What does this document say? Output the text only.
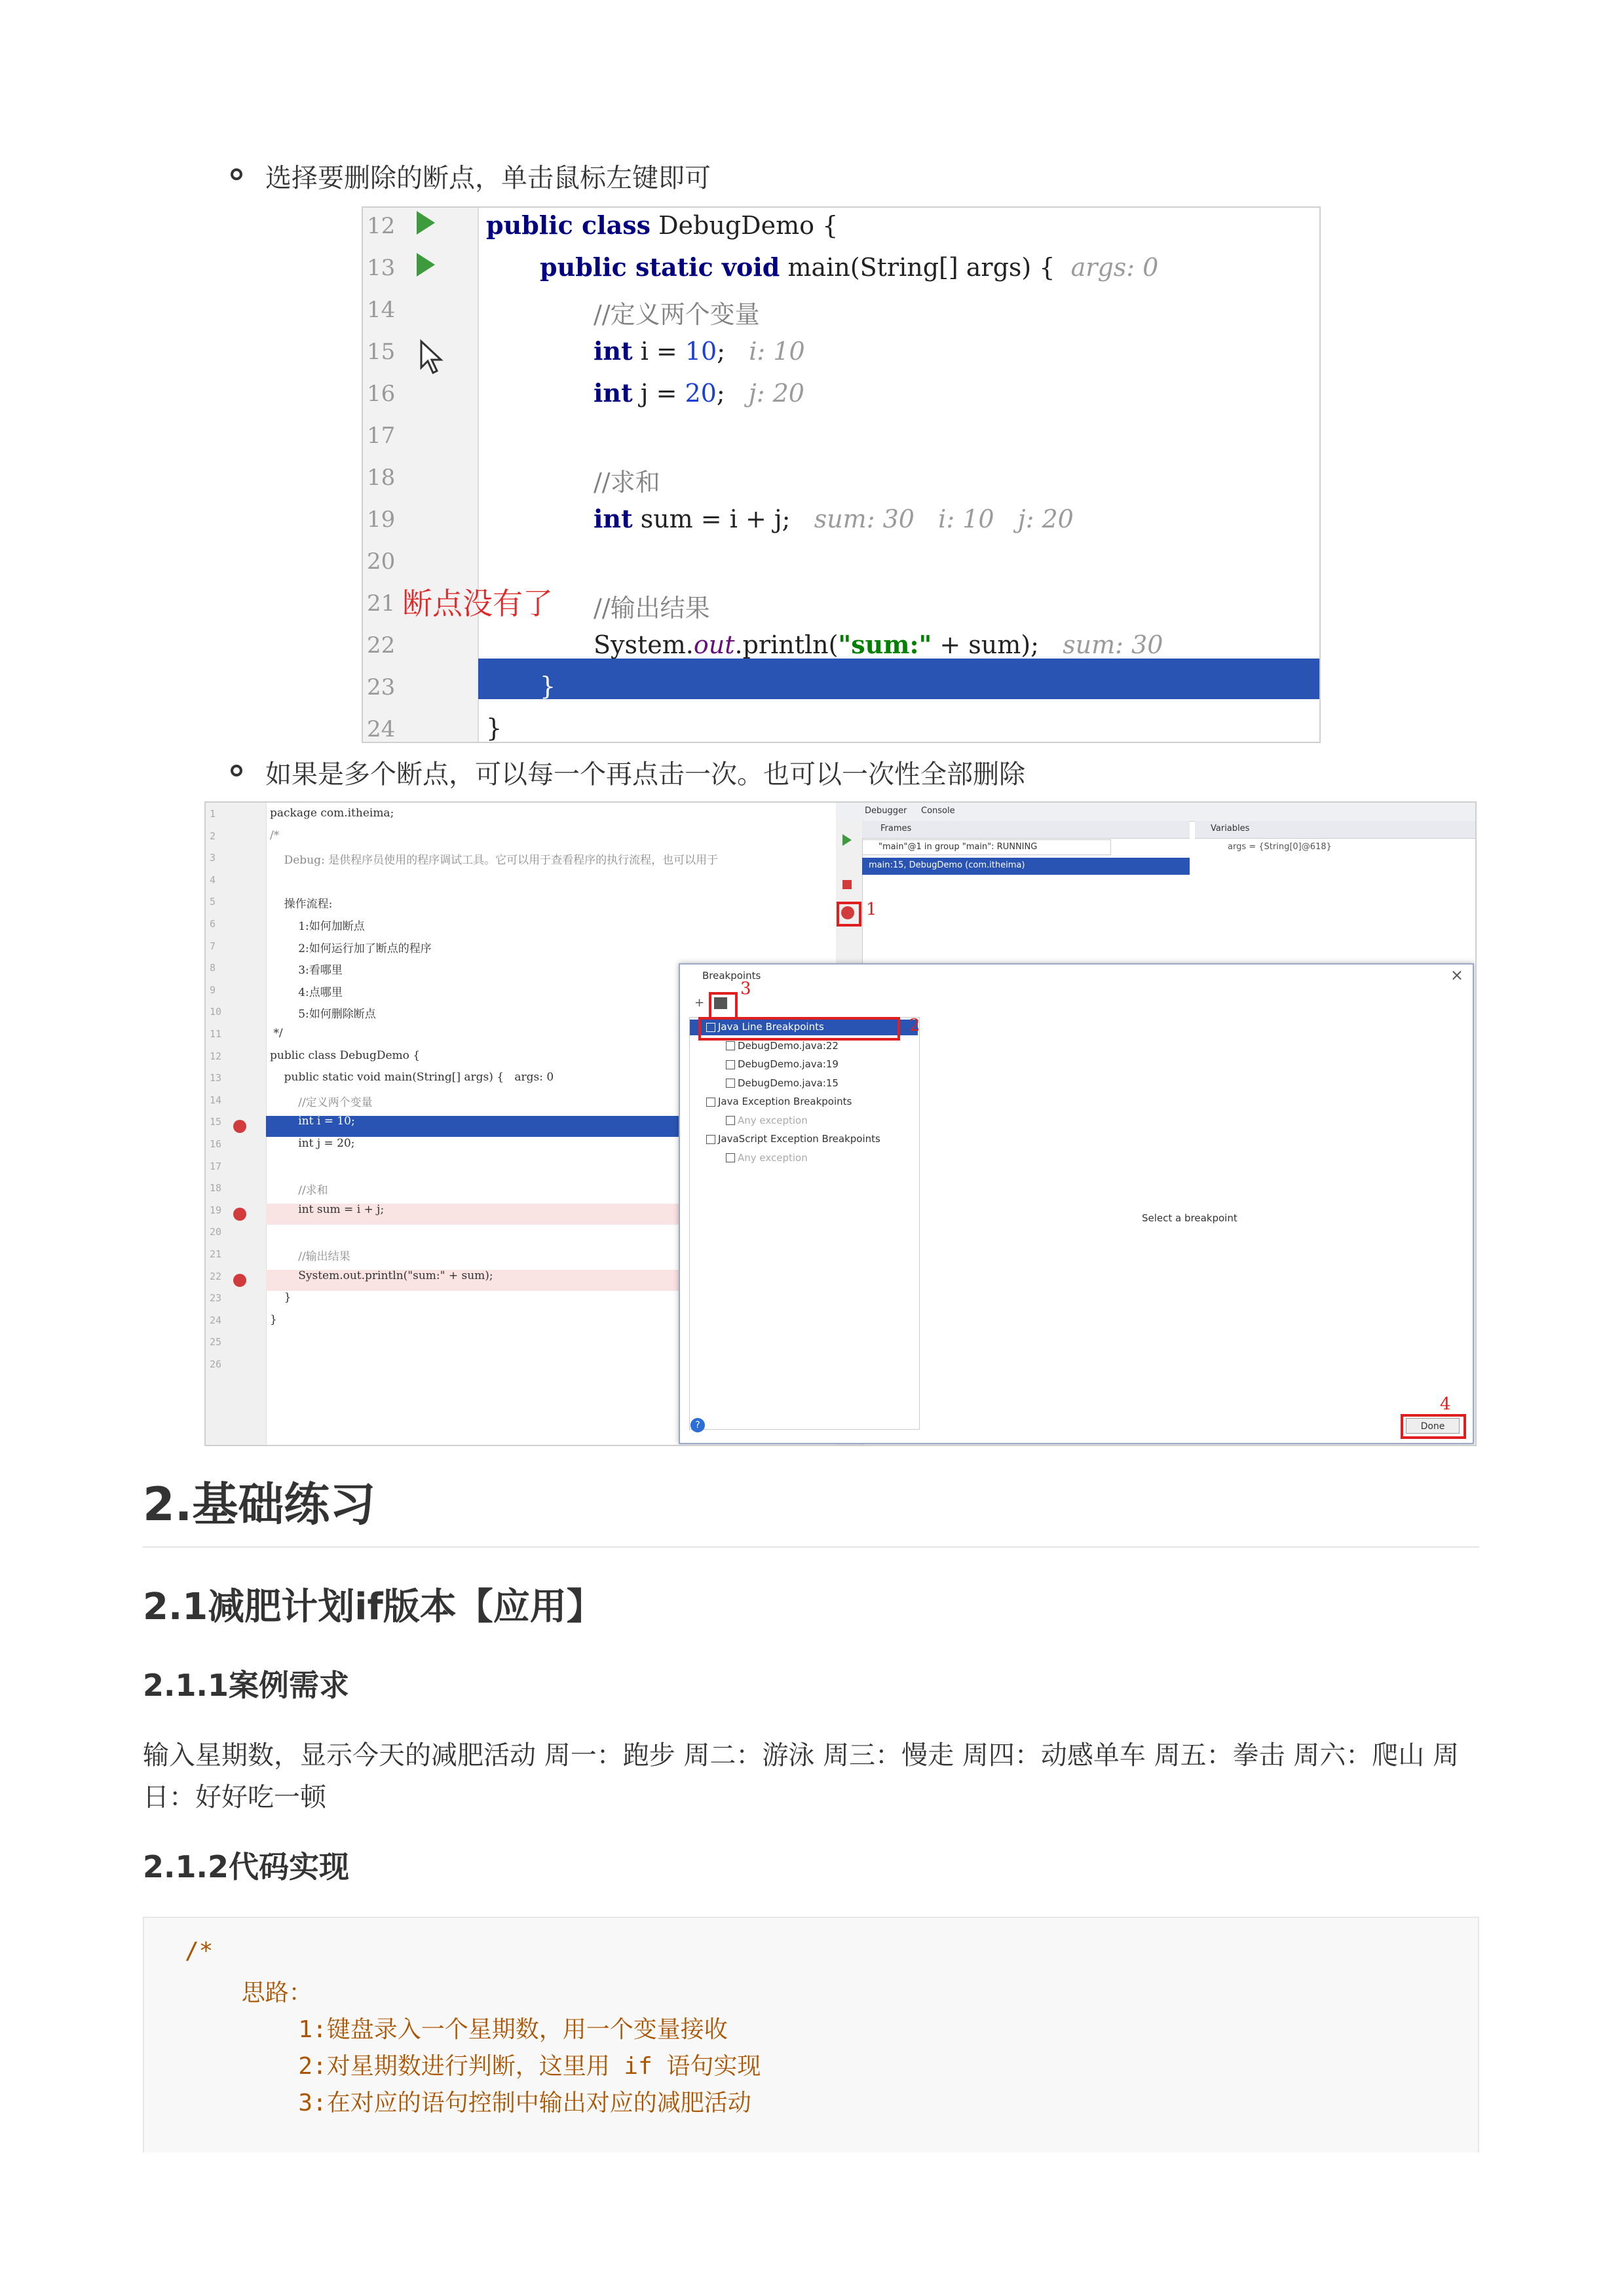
选择要删除的断点，单击鼠标左键即可
12
13
14
15
16
17
18
19
20
21
22
23
24
断点没有了
public class DebugDemo {
public static void main(String[] args) { args: 0
//定义两个变量
int i = 10; i: 10
int j = 20; j: 20
//求和
int sum = i + j; sum: 30   i: 10   j: 20
//输出结果
System.out.println("sum:" + sum); sum: 30
}
}
如果是多个断点，可以每一个再点击一次。也可以一次性全部删除
1
2
3
4
5
6
7
8
9
10
11
12
13
14
15
16
17
18
19
20
21
22
23
24
25
26
package com.itheima;
/*
Debug: 是供程序员使用的程序调试工具。它可以用于查看程序的执行流程，也可以用于
操作流程:
1:如何加断点
2:如何运行加了断点的程序
3:看哪里
4:点哪里
5:如何删除断点
*/
public class DebugDemo {
public static void main(String[] args) {   args: 0
//定义两个变量
int i = 10;
int j = 20;
//求和
int sum = i + j;
//输出结果
System.out.println("sum:" + sum);
}
}
Debugger Console
1
Frames
"main"@1 in group "main": RUNNING
main:15, DebugDemo (com.itheima)
Variables
args = {String[0]@618}
Breakpoints	×
+
3
2
Java Line Breakpoints
DebugDemo.java:22
DebugDemo.java:19
DebugDemo.java:15
Java Exception Breakpoints
Any exception
JavaScript Exception Breakpoints
Any exception
Select a breakpoint
?	Done
4
2.基础练习
2.1减肥计划if版本【应用】
2.1.1案例需求
输入星期数，显示今天的减肥活动 周一：跑步 周二：游泳 周三：慢走 周四：动感单车 周五：拳击 周六：爬山 周日：好好吃一顿
2.1.2代码实现
/*
思路：
1:键盘录入一个星期数，用一个变量接收
2:对星期数进行判断，这里用 if 语句实现
3:在对应的语句控制中输出对应的减肥活动
